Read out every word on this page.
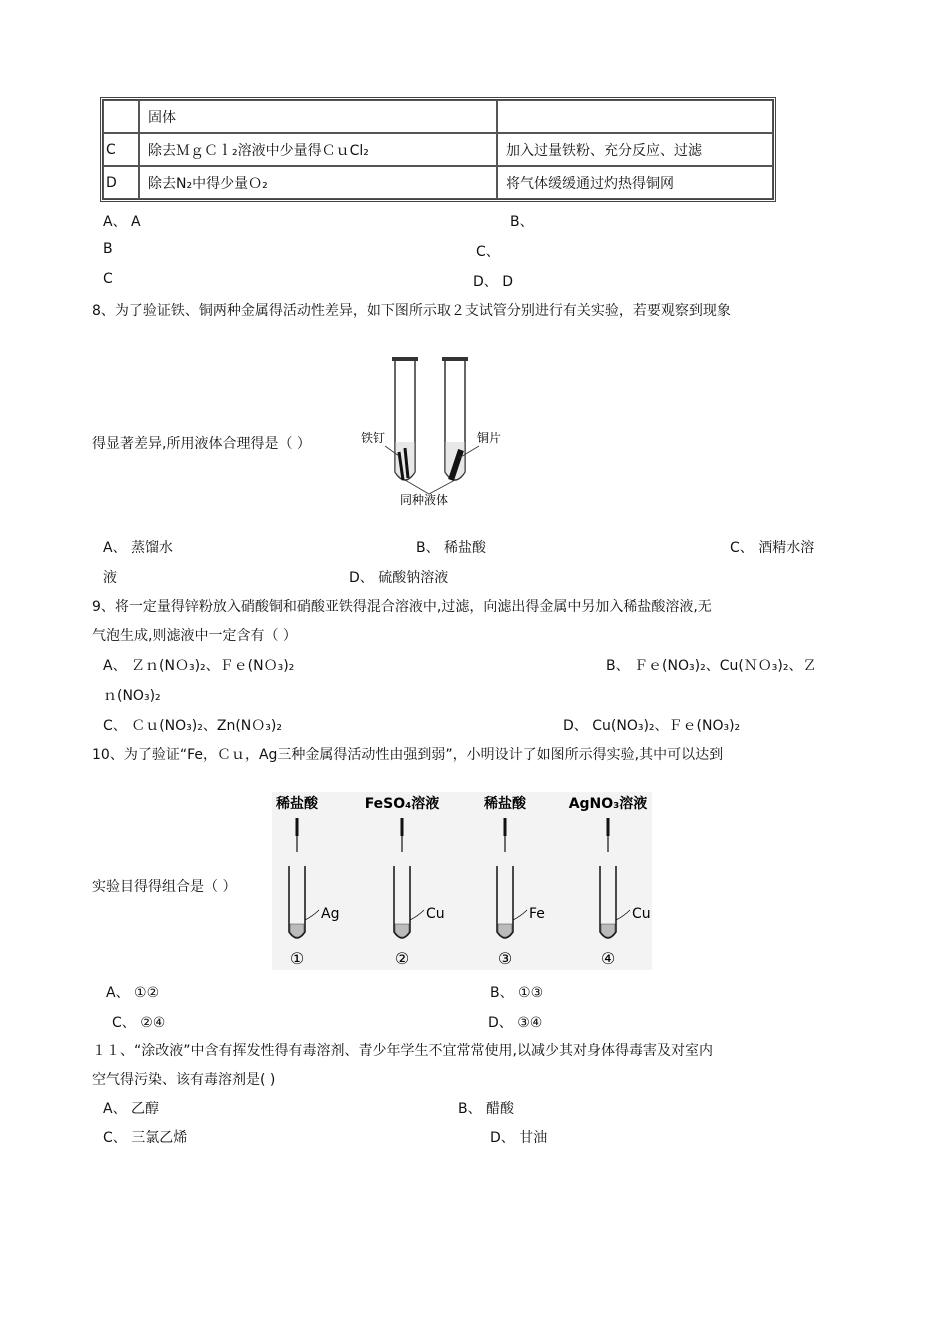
	固体	
C	除去ＭｇＣｌ₂溶液中少量得ＣｕCl₂	加入过量铁粉、充分反应、过滤
D	除去N₂中得少量Ｏ₂	将气体缓缓通过灼热得铜网
A、 A	B、
B	C、
C	D、 D
8、为了验证铁、铜两种金属得活动性差异，如下图所示取２支试管分别进行有关实验，若要观察到现象
得显著差异,所用液体合理得是（ ）	铁钉	铜片
同种液体
A、 蒸馏水	B、 稀盐酸	C、 酒精水溶
液	D、 硫酸钠溶液
9、将一定量得锌粉放入硝酸铜和硝酸亚铁得混合溶液中,过滤，向滤出得金属中另加入稀盐酸溶液,无
气泡生成,则滤液中一定含有（ ）
A、 Ｚｎ(NＯ₃)₂、Ｆｅ(NＯ₃)₂	B、 Ｆｅ(NO₃)₂、Cu(ＮＯ₃)₂、Ｚ
ｎ(NO₃)₂
C、 Ｃｕ(NO₃)₂、Zn(NＯ₃)₂	D、 Cu(NO₃)₂、Ｆｅ(NO₃)₂
10、为了验证“Fe，Ｃｕ，Ag三种金属得活动性由强到弱”，小明设计了如图所示得实验,其中可以达到
实验目得得组合是（ ）
稀盐酸
Ag
①
FeSO₄溶液
Cu
②
稀盐酸
Fe
③
AgNO₃溶液
Cu
④
A、 ①②	B、 ①③
C、 ②④	D、 ③④
１１、“涂改液”中含有挥发性得有毒溶剂、青少年学生不宜常常使用,以减少其对身体得毒害及对室内
空气得污染、该有毒溶剂是( )
A、 乙醇	B、 醋酸
C、 三氯乙烯	D、 甘油
